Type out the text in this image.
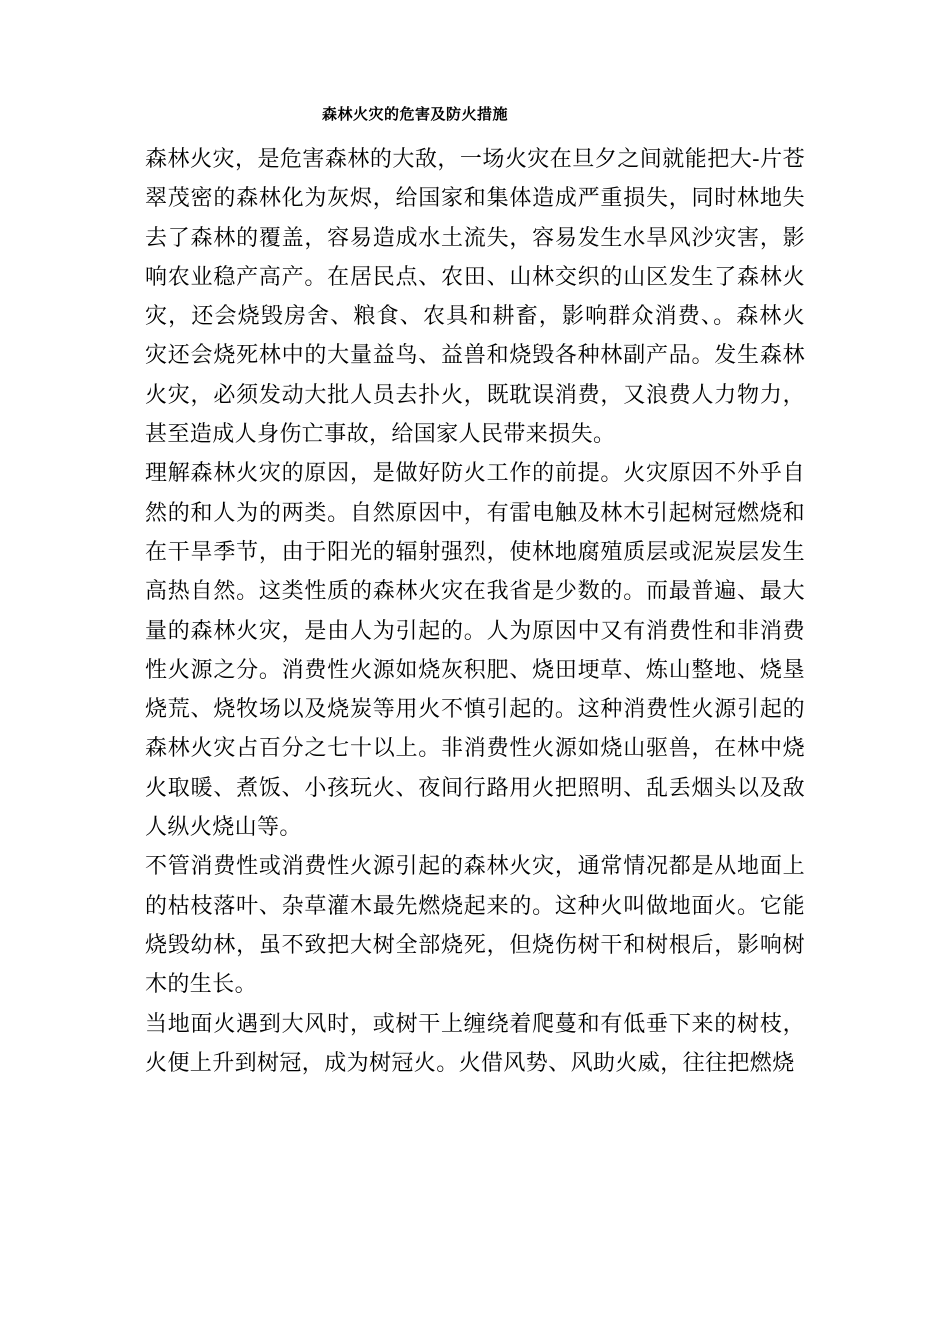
森林火灾的危害及防火措施

森林火灾，是危害森林的大敌，一场火灾在旦夕之间就能把大-片苍翠茂密的森林化为灰烬，给国家和集体造成严重损失，同时林地失去了森林的覆盖，容易造成水土流失，容易发生水旱风沙灾害，影响农业稳产高产。在居民点、农田、山林交织的山区发生了森林火灾，还会烧毁房舍、粮食、农具和耕畜，影响群众消费、。森林火灾还会烧死林中的大量益鸟、益兽和烧毁各种林副产品。发生森林火灾，必须发动大批人员去扑火，既耽误消费，又浪费人力物力，甚至造成人身伤亡事故，给国家人民带来损失。

理解森林火灾的原因，是做好防火工作的前提。火灾原因不外乎自然的和人为的两类。自然原因中，有雷电触及林木引起树冠燃烧和在干旱季节，由于阳光的辐射强烈，使林地腐殖质层或泥炭层发生高热自然。这类性质的森林火灾在我省是少数的。而最普遍、最大量的森林火灾，是由人为引起的。人为原因中又有消费性和非消费性火源之分。消费性火源如烧灰积肥、烧田埂草、炼山整地、烧垦烧荒、烧牧场以及烧炭等用火不慎引起的。这种消费性火源引起的森林火灾占百分之七十以上。非消费性火源如烧山驱兽，在林中烧火取暖、煮饭、小孩玩火、夜间行路用火把照明、乱丢烟头以及敌人纵火烧山等。

不管消费性或消费性火源引起的森林火灾，通常情况都是从地面上的枯枝落叶、杂草灌木最先燃烧起来的。这种火叫做地面火。它能烧毁幼林，虽不致把大树全部烧死，但烧伤树干和树根后，影响树木的生长。

当地面火遇到大风时，或树干上缠绕着爬蔓和有低垂下来的树枝，火便上升到树冠，成为树冠火。火借风势、风助火威，往往把燃烧
